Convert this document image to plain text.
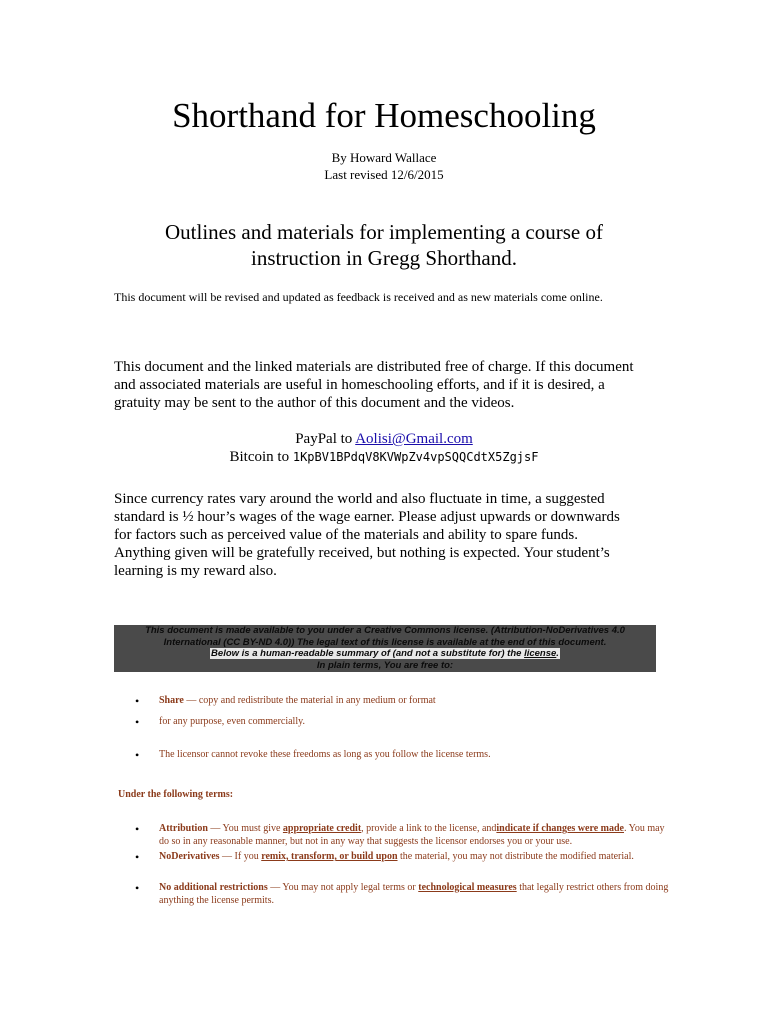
Shorthand for Homeschooling
By Howard Wallace
Last revised 12/6/2015
Outlines and materials for implementing a course of
instruction in Gregg Shorthand.
This document will be revised and updated as feedback is received and as new materials come online.
This document and the linked materials are distributed free of charge. If this document and associated materials are useful in homeschooling efforts, and if it is desired, a gratuity may be sent to the author of this document and the videos.
PayPal to Aolisi@Gmail.com
Bitcoin to 1KpBV1BPdqV8KVWpZv4vpSQQCdtX5ZgjsF
Since currency rates vary around the world and also fluctuate in time, a suggested standard is ½ hour’s wages of the wage earner. Please adjust upwards or downwards for factors such as perceived value of the materials and ability to spare funds. Anything given will be gratefully received, but nothing is expected. Your student’s learning is my reward also.
This document is made available to you under a Creative Commons license. (Attribution-NoDerivatives 4.0
International (CC BY-ND 4.0)) The legal text of this license is available at the end of this document.
Below is a human-readable summary of (and not a substitute for) the license.
In plain terms, You are free to:
• Share — copy and redistribute the material in any medium or format
• for any purpose, even commercially.
• The licensor cannot revoke these freedoms as long as you follow the license terms.
Under the following terms:
• Attribution — You must give appropriate credit, provide a link to the license, andindicate if changes were made. You may do so in any reasonable manner, but not in any way that suggests the licensor endorses you or your use.
• NoDerivatives — If you remix, transform, or build upon the material, you may not distribute the modified material.
• No additional restrictions — You may not apply legal terms or technological measures that legally restrict others from doing anything the license permits.
